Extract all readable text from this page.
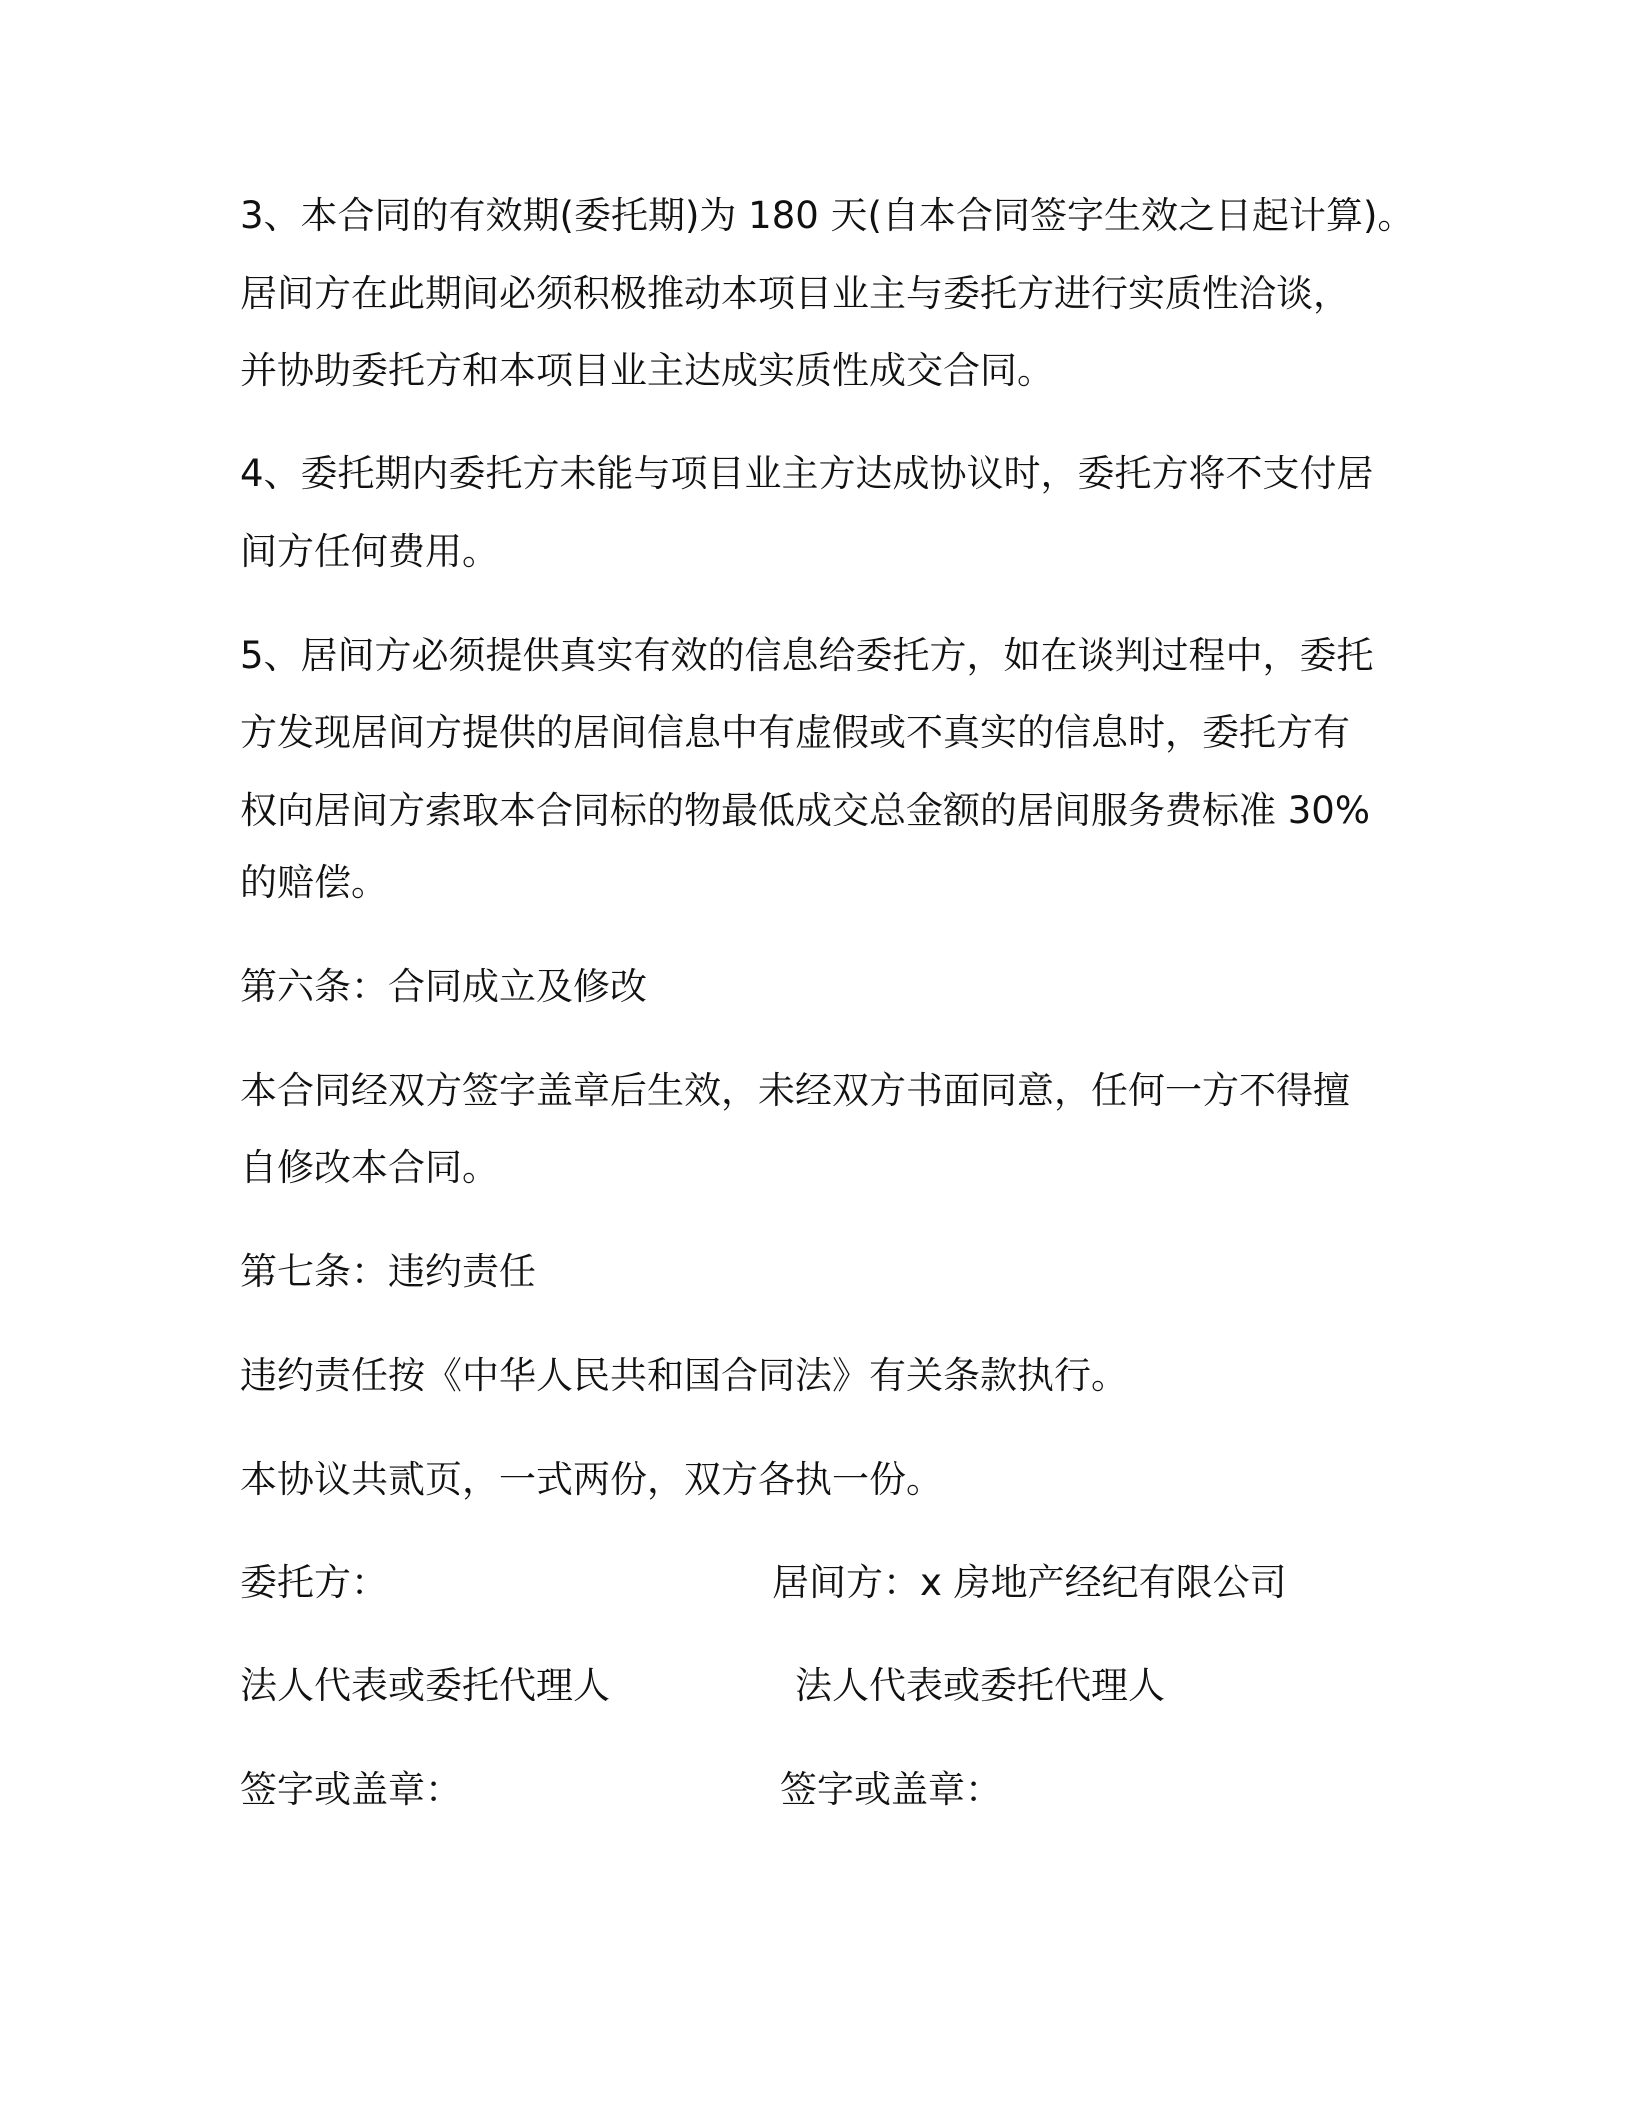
3、本合同的有效期(委托期)为 180 天(自本合同签字生效之日起计算)。
居间方在此期间必须积极推动本项目业主与委托方进行实质性洽谈，
并协助委托方和本项目业主达成实质性成交合同。
4、委托期内委托方未能与项目业主方达成协议时，委托方将不支付居
间方任何费用。
5、居间方必须提供真实有效的信息给委托方，如在谈判过程中，委托
方发现居间方提供的居间信息中有虚假或不真实的信息时，委托方有
权向居间方索取本合同标的物最低成交总金额的居间服务费标准 30%
的赔偿。
第六条：合同成立及修改
本合同经双方签字盖章后生效，未经双方书面同意，任何一方不得擅
自修改本合同。
第七条：违约责任
违约责任按《中华人民共和国合同法》有关条款执行。
本协议共贰页，一式两份，双方各执一份。
委托方：	居间方：x 房地产经纪有限公司
法人代表或委托代理人	法人代表或委托代理人
签字或盖章：	签字或盖章：
